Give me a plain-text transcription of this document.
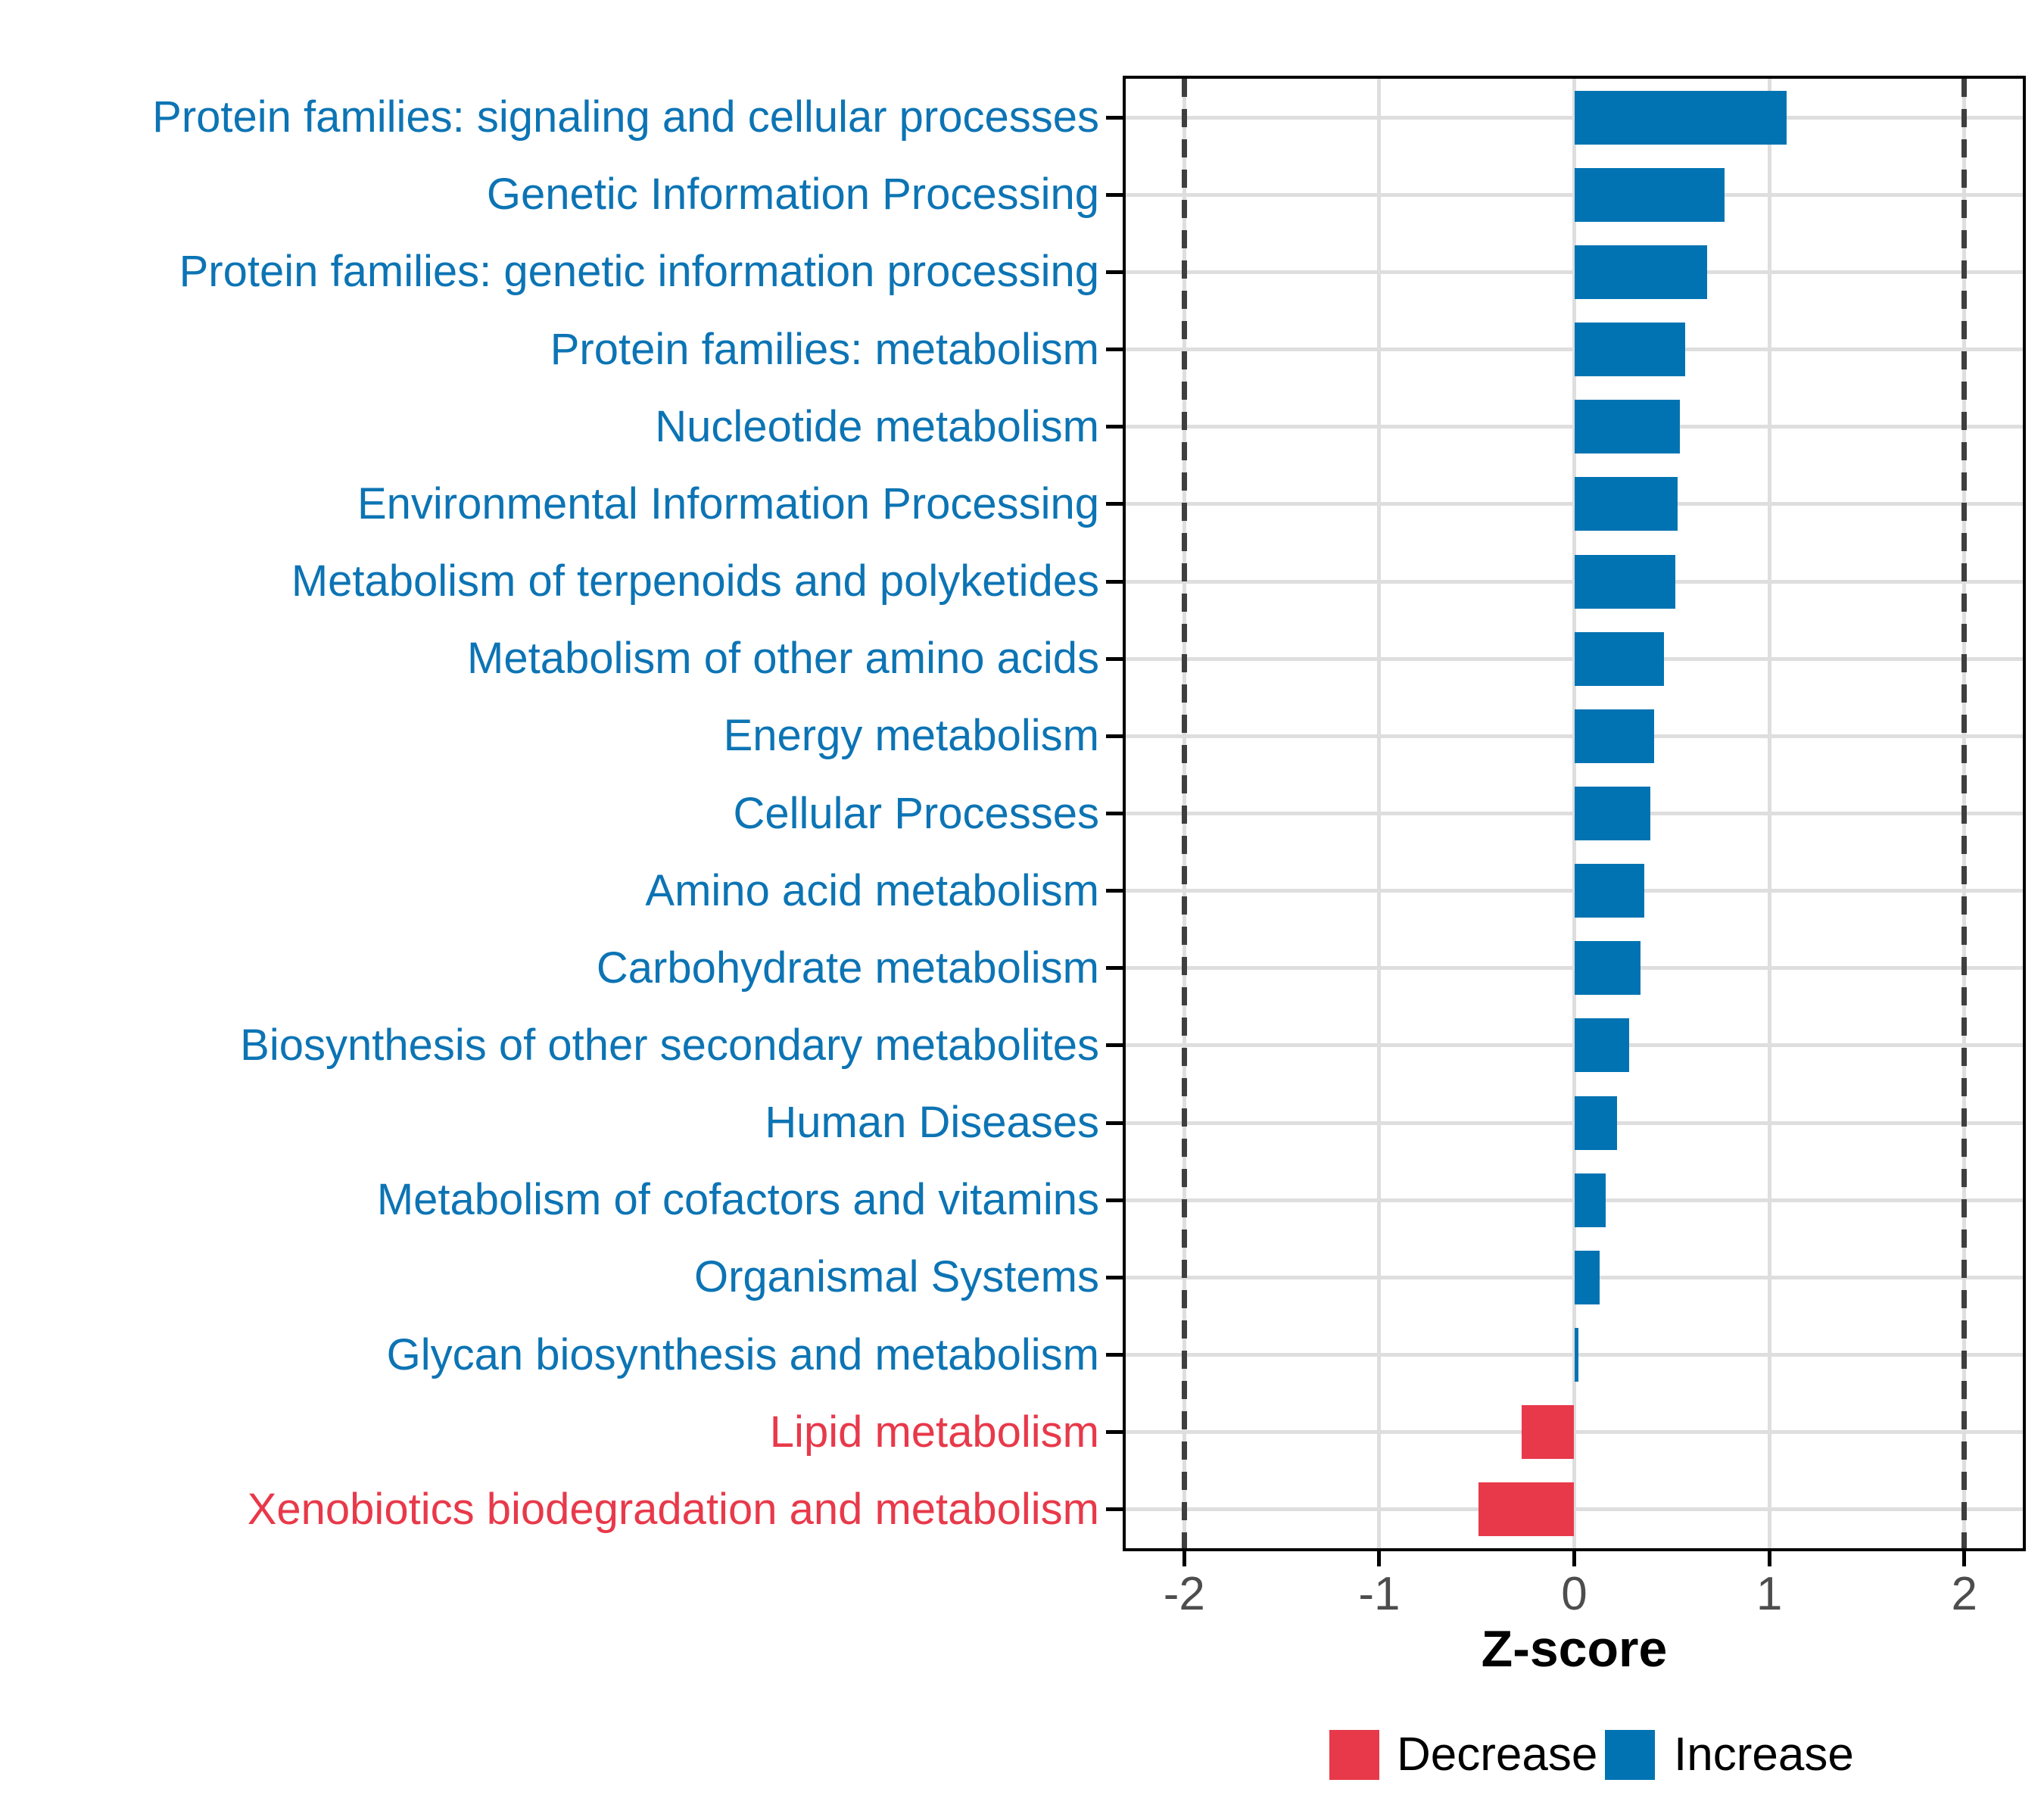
Protein families: signaling and cellular processes
Genetic Information Processing
Protein families: genetic information processing
Protein families: metabolism
Nucleotide metabolism
Environmental Information Processing
Metabolism of terpenoids and polyketides
Metabolism of other amino acids
Energy metabolism
Cellular Processes
Amino acid metabolism
Carbohydrate metabolism
Biosynthesis of other secondary metabolites
Human Diseases
Metabolism of cofactors and vitamins
Organismal Systems
Glycan biosynthesis and metabolism
Lipid metabolism
Xenobiotics biodegradation and metabolism
-2	-1	0	1	2
Z-score
Decrease Increase
